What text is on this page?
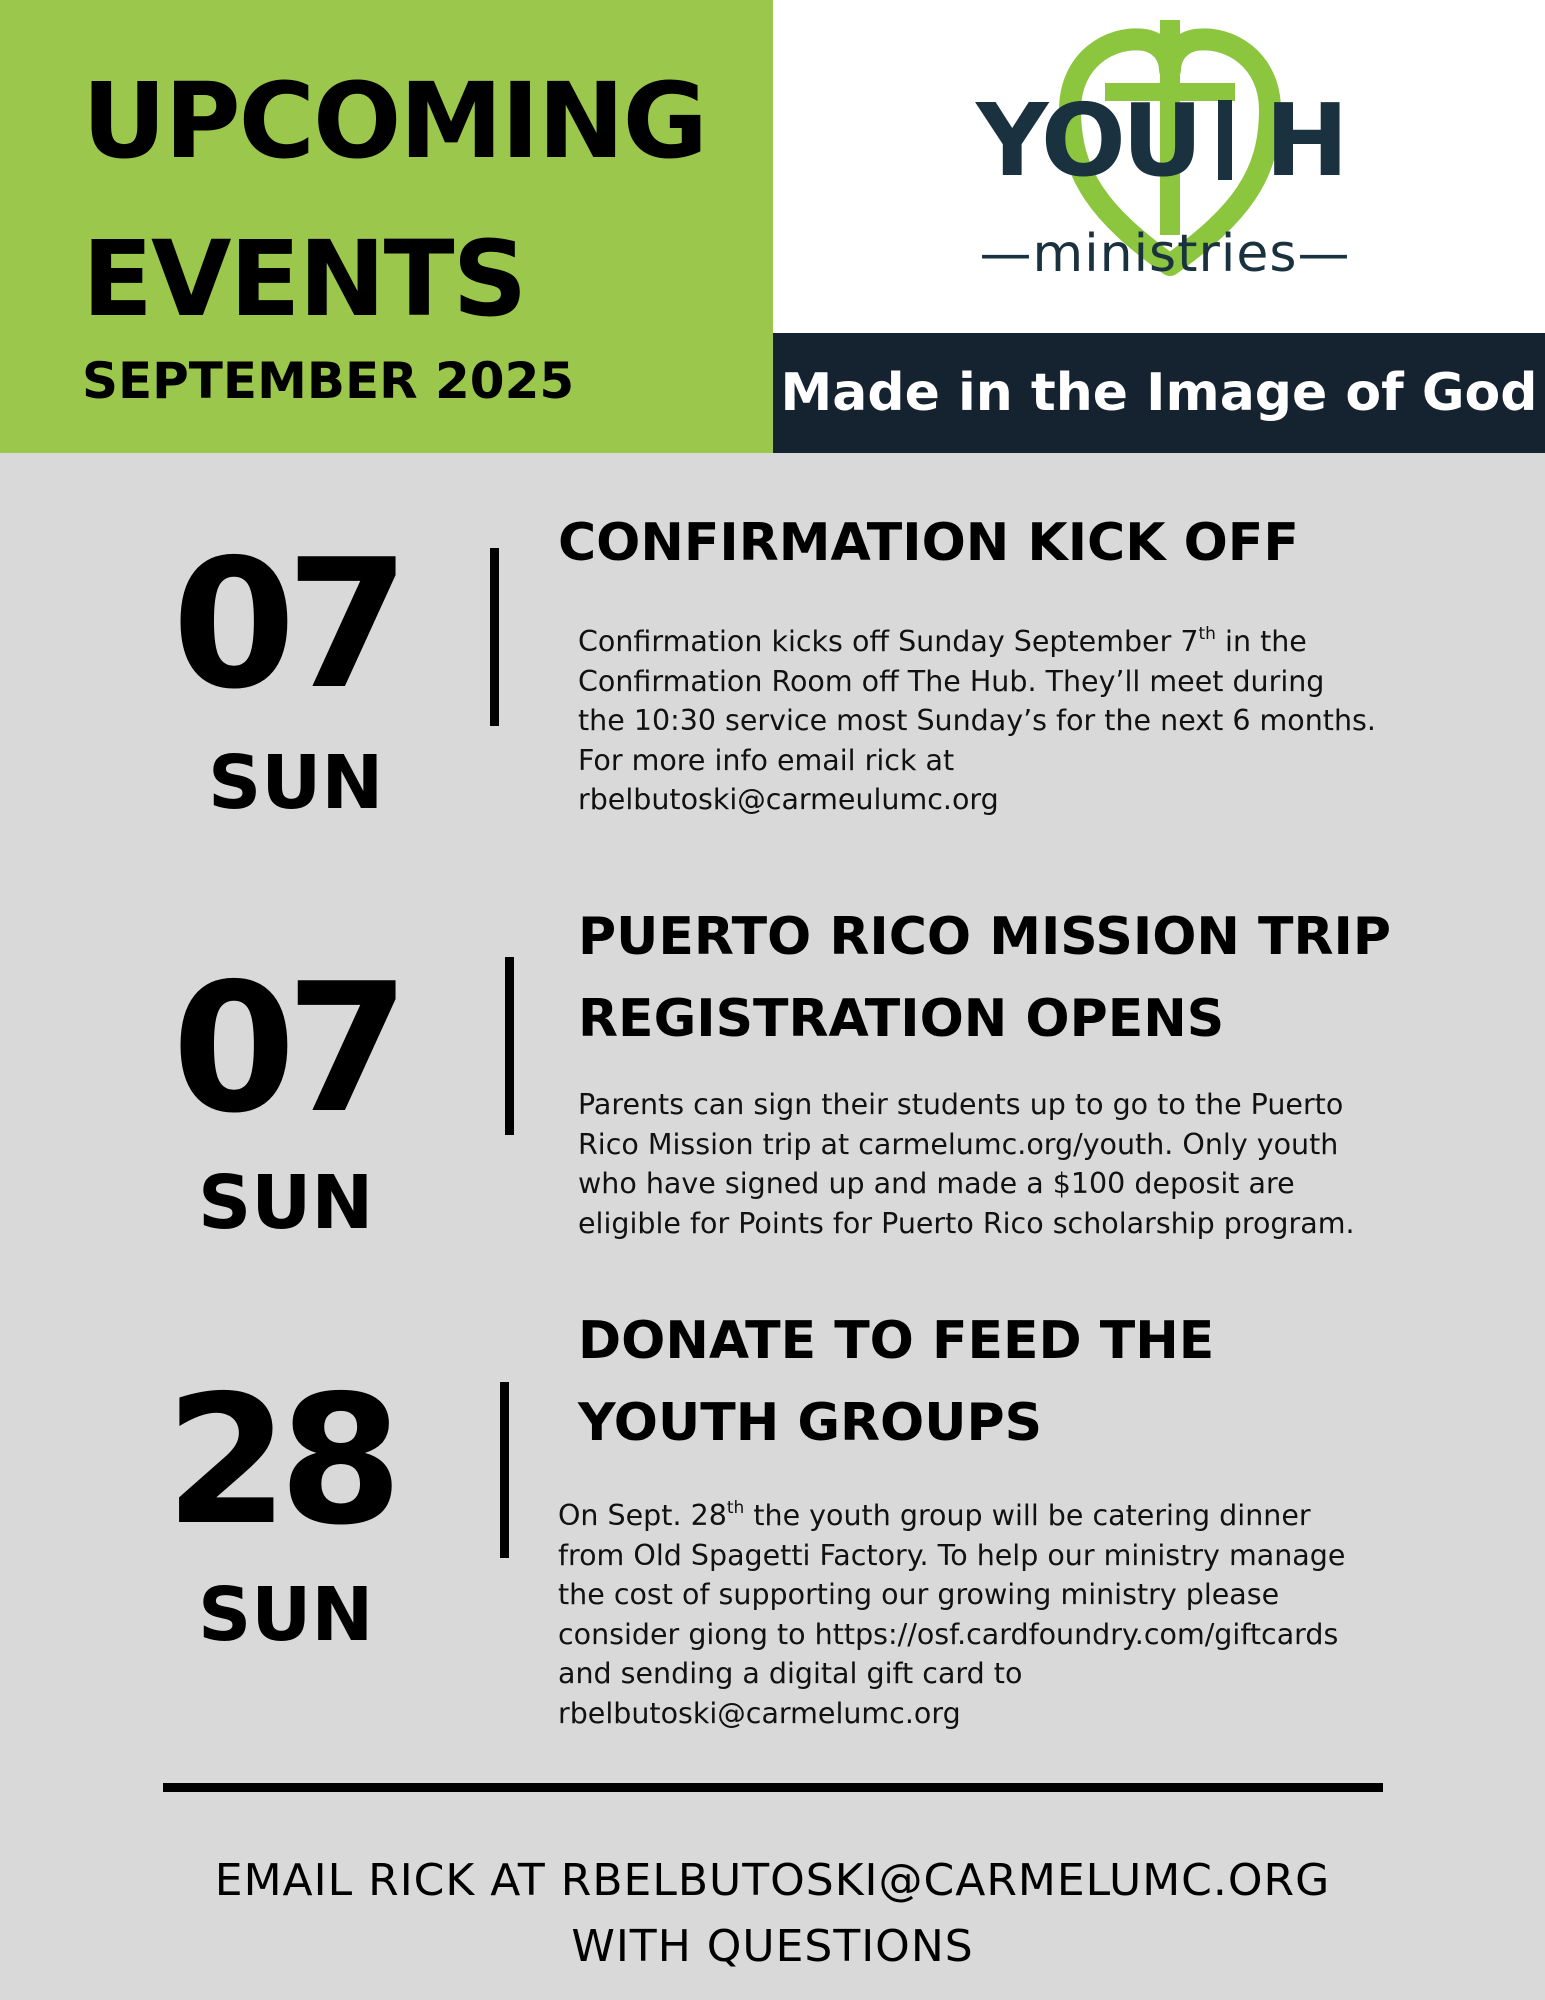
UPCOMING
EVENTS
SEPTEMBER 2025
YOU H
—ministries—
Made in the Image of God
07
SUN
CONFIRMATION KICK OFF
Confirmation kicks off Sunday September 7th in the Confirmation Room off The Hub. They’ll meet during the 10:30 service most Sunday’s for the next 6 months. For more info email rick at rbelbutoski@carmeulumc.org
07
SUN
PUERTO RICO MISSION TRIP
REGISTRATION OPENS
Parents can sign their students up to go to the Puerto Rico Mission trip at carmelumc.org/youth. Only youth who have signed up and made a $100 deposit are eligible for Points for Puerto Rico scholarship program.
28
SUN
DONATE TO FEED THE
YOUTH GROUPS
On Sept. 28th the youth group will be catering dinner from Old Spagetti Factory. To help our ministry manage the cost of supporting our growing ministry please consider giong to https://osf.cardfoundry.com/giftcards and sending a digital gift card to rbelbutoski@carmelumc.org
EMAIL RICK AT RBELBUTOSKI@CARMELUMC.ORG
WITH QUESTIONS
